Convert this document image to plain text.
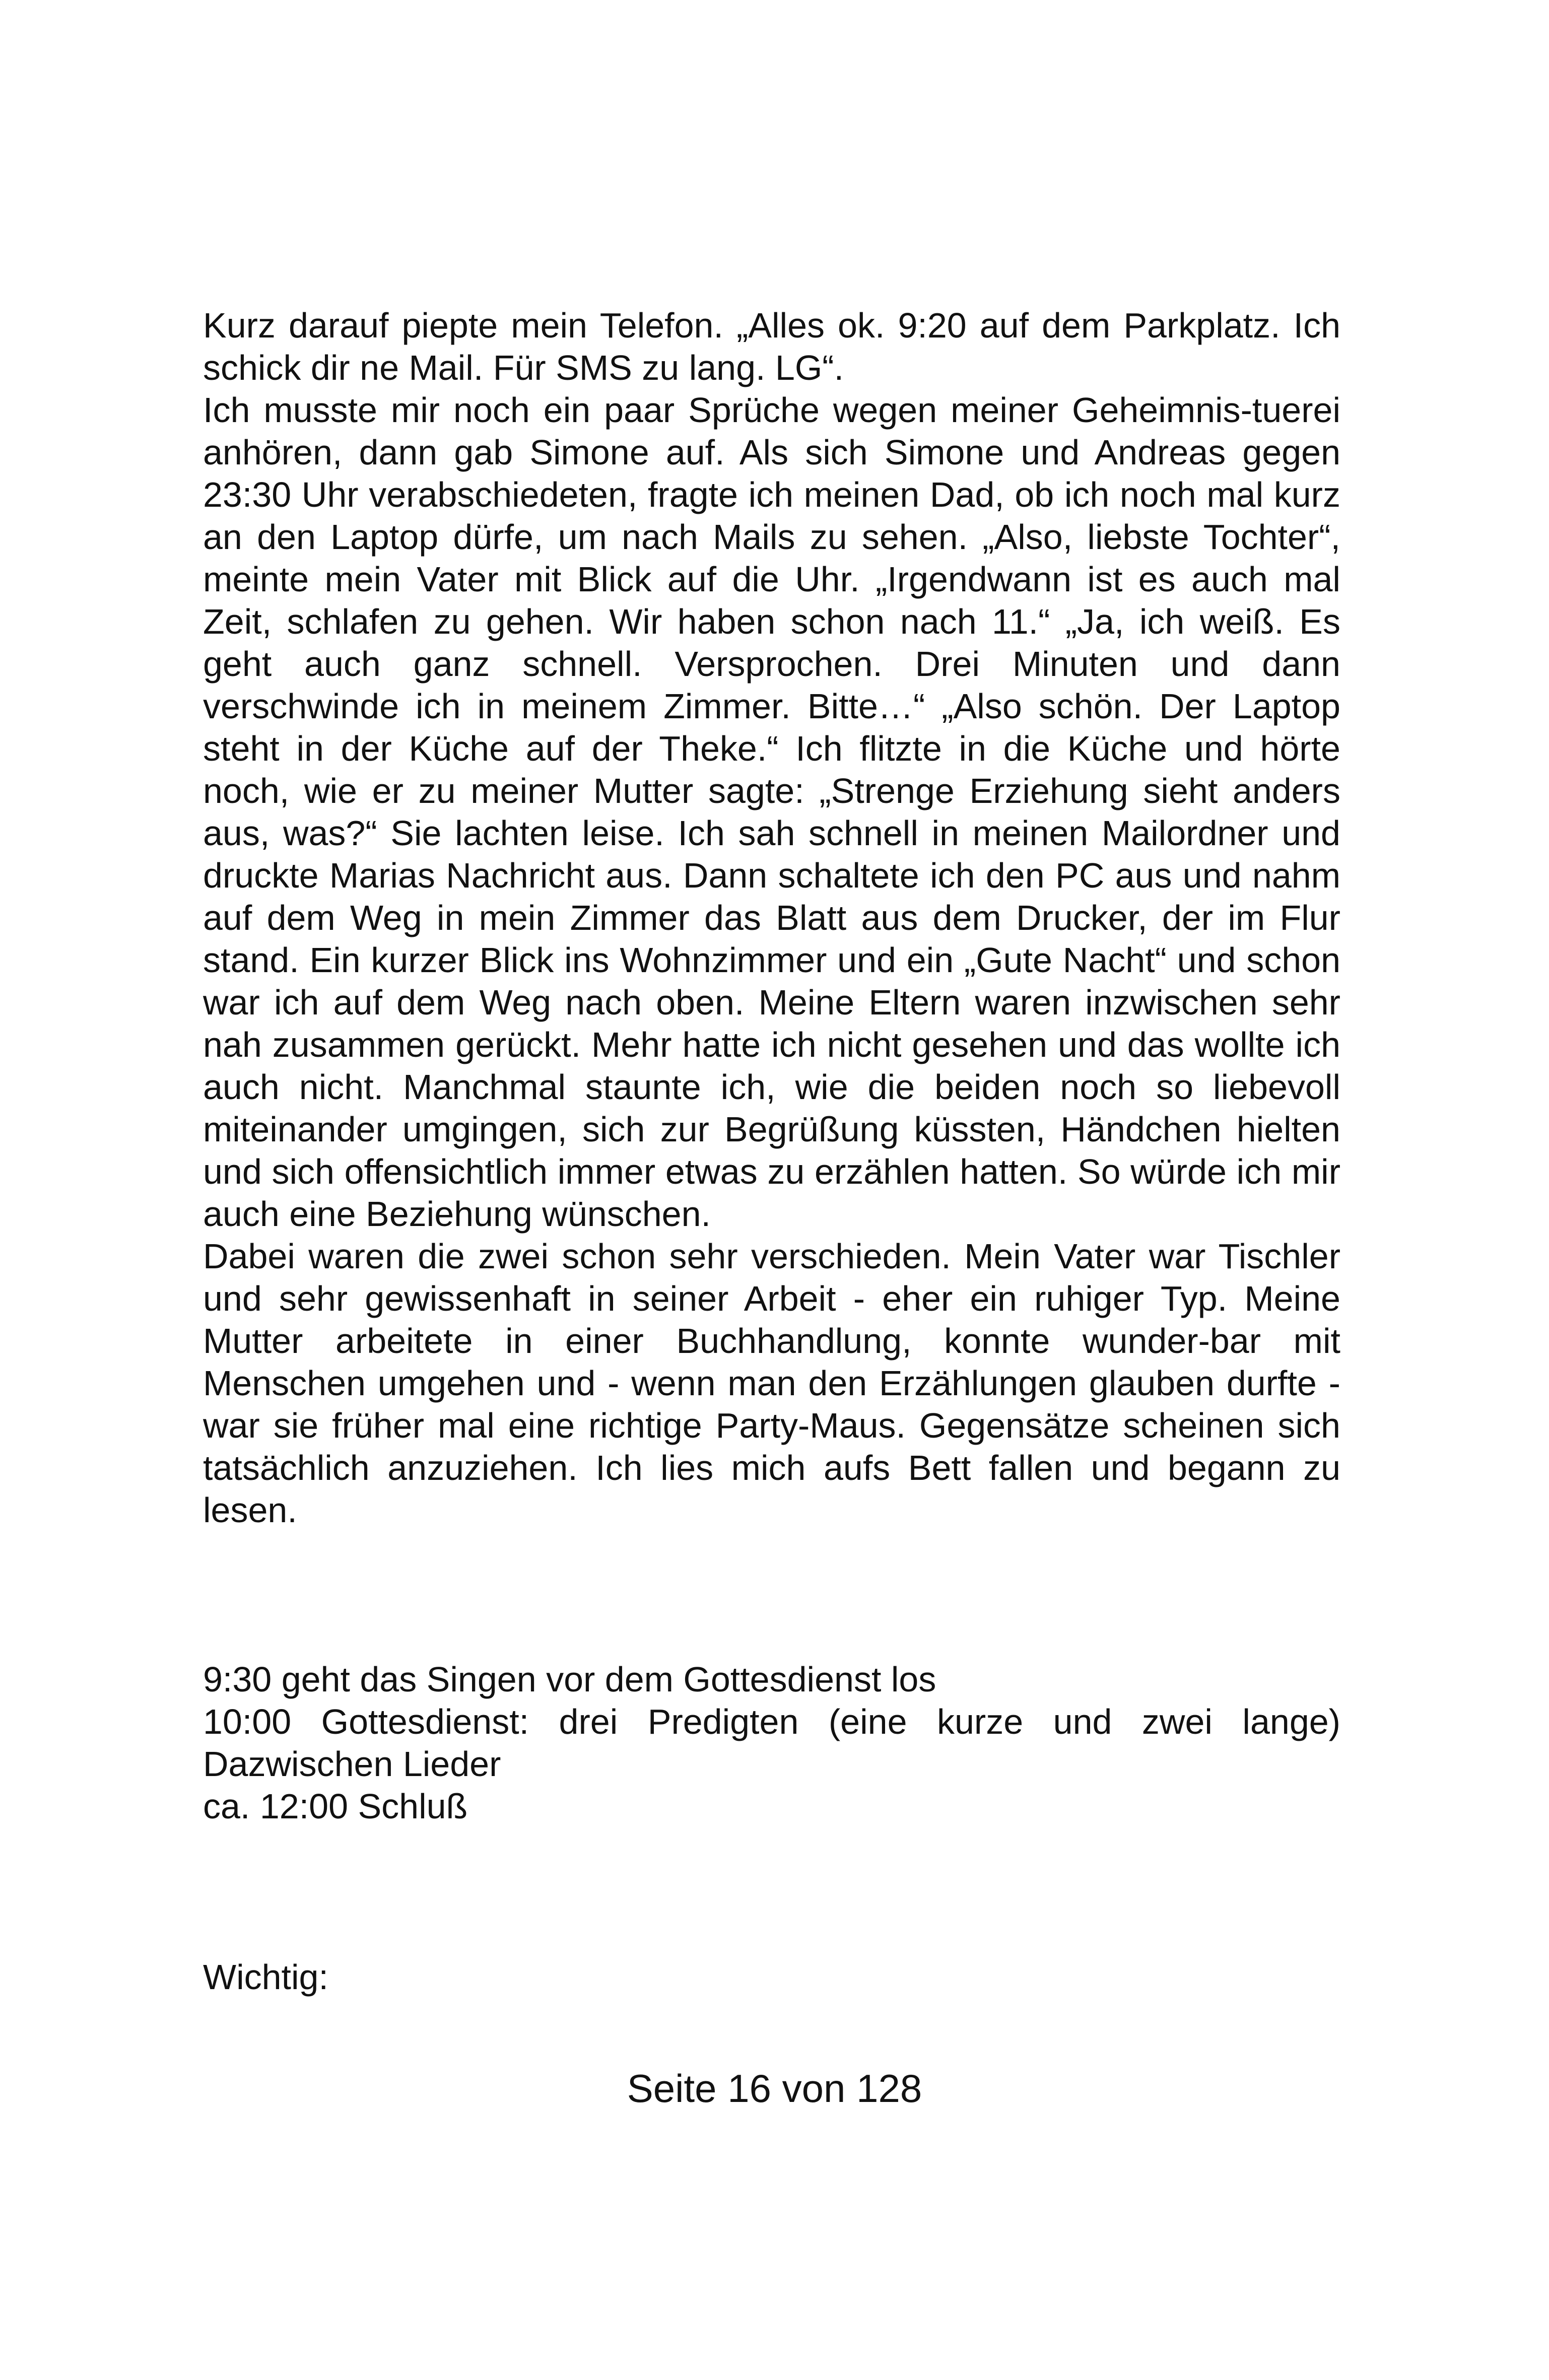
Kurz darauf piepte mein Telefon. „Alles ok. 9:20 auf dem Parkplatz. Ich schick dir ne Mail. Für SMS zu lang. LG“.

Ich musste mir noch ein paar Sprüche wegen meiner Geheimnis-tuerei anhören, dann gab Simone auf. Als sich Simone und Andreas gegen 23:30 Uhr verabschiedeten, fragte ich meinen Dad, ob ich noch mal kurz an den Laptop dürfe, um nach Mails zu sehen. „Also, liebste Tochter“, meinte mein Vater mit Blick auf die Uhr. „Irgendwann ist es auch mal Zeit, schlafen zu gehen. Wir haben schon nach 11.“ „Ja, ich weiß. Es geht auch ganz schnell. Versprochen. Drei Minuten und dann verschwinde ich in meinem Zimmer. Bitte…“ „Also schön. Der Laptop steht in der Küche auf der Theke.“ Ich flitzte in die Küche und hörte noch, wie er zu meiner Mutter sagte: „Strenge Erziehung sieht anders aus, was?“ Sie lachten leise. Ich sah schnell in meinen Mailordner und druckte Marias Nachricht aus. Dann schaltete ich den PC aus und nahm auf dem Weg in mein Zimmer das Blatt aus dem Drucker, der im Flur stand. Ein kurzer Blick ins Wohnzimmer und ein „Gute Nacht“ und schon war ich auf dem Weg nach oben. Meine Eltern waren inzwischen sehr nah zusammen gerückt. Mehr hatte ich nicht gesehen und das wollte ich auch nicht. Manchmal staunte ich, wie die beiden noch so liebevoll miteinander umgingen, sich zur Begrüßung küssten, Händchen hielten und sich offensichtlich immer etwas zu erzählen hatten. So würde ich mir auch eine Beziehung wünschen.

Dabei waren die zwei schon sehr verschieden. Mein Vater war Tischler und sehr gewissenhaft in seiner Arbeit - eher ein ruhiger Typ. Meine Mutter arbeitete in einer Buchhandlung, konnte wunder-bar mit Menschen umgehen und - wenn man den Erzählungen glauben durfte - war sie früher mal eine richtige Party-Maus. Gegensätze scheinen sich tatsächlich anzuziehen. Ich lies mich aufs Bett fallen und begann zu lesen.

9:30 geht das Singen vor dem Gottesdienst los

10:00 Gottesdienst: drei Predigten (eine kurze und zwei lange)

Dazwischen Lieder

ca. 12:00 Schluß

Wichtig:
Seite 16 von 128
